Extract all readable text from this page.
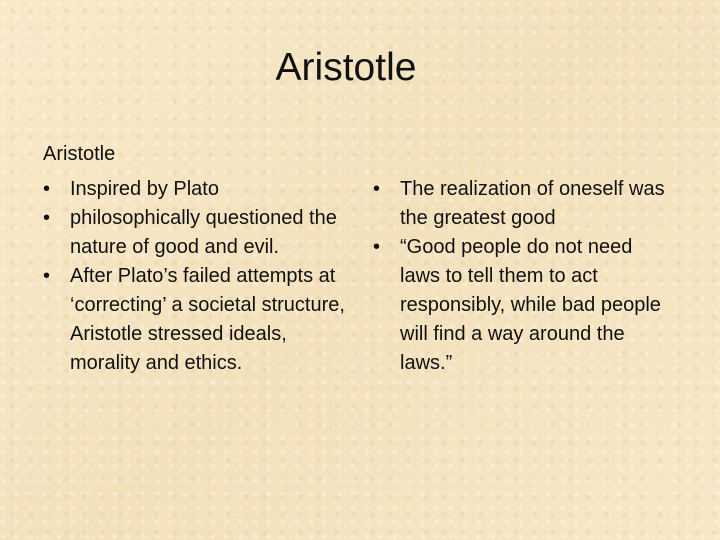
Aristotle

Aristotle

• Inspired by Plato
• philosophically questioned the nature of good and evil.
• After Plato’s failed attempts at ‘correcting’ a societal structure, Aristotle stressed ideals, morality and ethics.
• The realization of oneself was the greatest good
• “Good people do not need laws to tell them to act responsibly, while bad people will find a way around the laws.”
